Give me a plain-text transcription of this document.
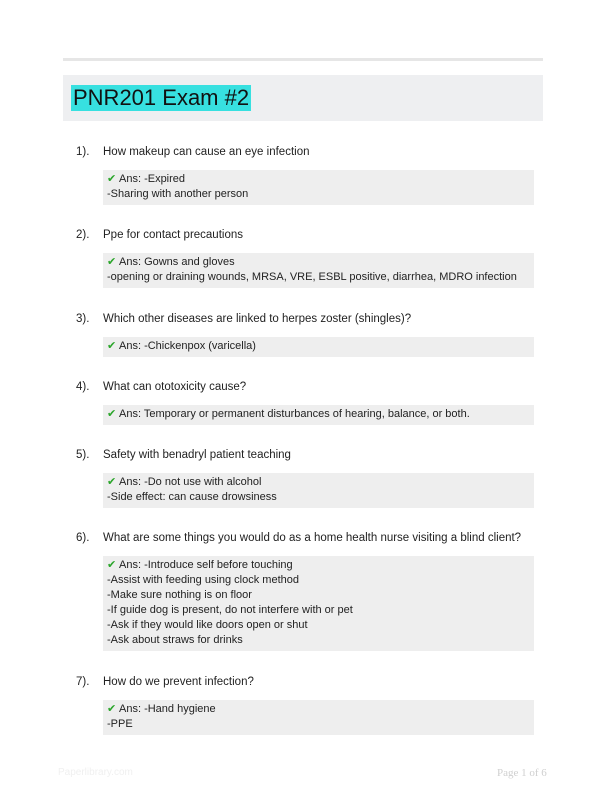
PNR201 Exam #2
1). How makeup can cause an eye infection
✔ Ans: -Expired
-Sharing with another person
2). Ppe for contact precautions
✔ Ans: Gowns and gloves
-opening or draining wounds, MRSA, VRE, ESBL positive, diarrhea, MDRO infection
3). Which other diseases are linked to herpes zoster (shingles)?
✔ Ans: -Chickenpox (varicella)
4). What can ototoxicity cause?
✔ Ans: Temporary or permanent disturbances of hearing, balance, or both.
5). Safety with benadryl patient teaching
✔ Ans: -Do not use with alcohol
-Side effect: can cause drowsiness
6). What are some things you would do as a home health nurse visiting a blind client?
✔ Ans: -Introduce self before touching
-Assist with feeding using clock method
-Make sure nothing is on floor
-If guide dog is present, do not interfere with or pet
-Ask if they would like doors open or shut
-Ask about straws for drinks
7). How do we prevent infection?
✔ Ans: -Hand hygiene
-PPE
Paperlibrary.com	Page 1 of 6
